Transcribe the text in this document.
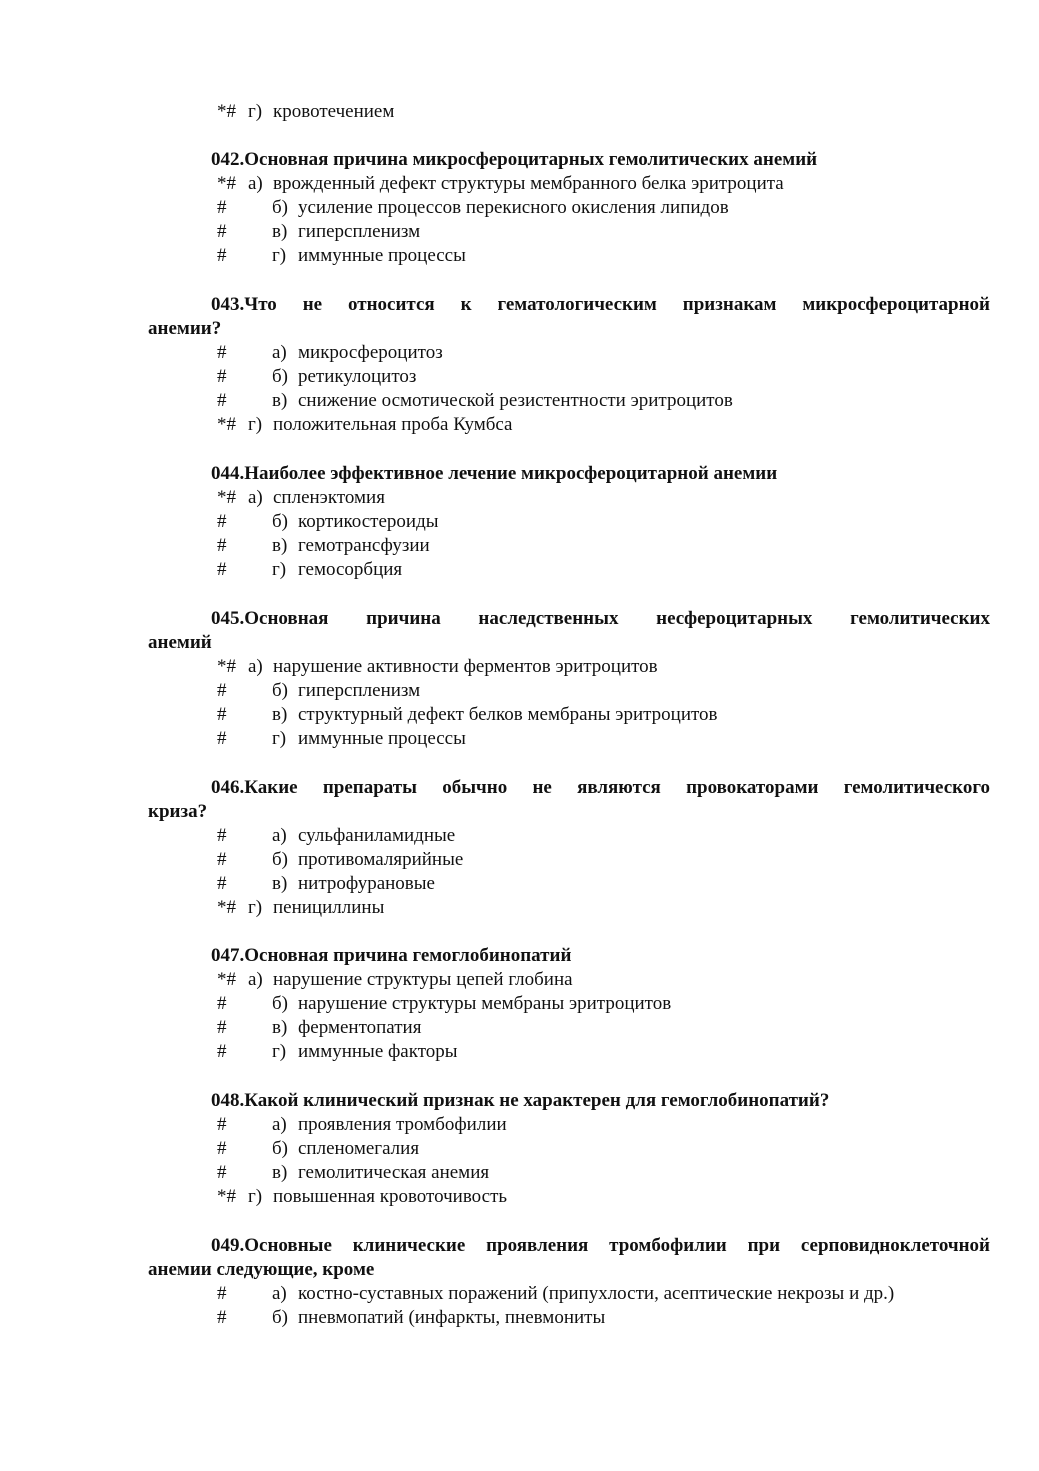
*# г) кровотечением
042.Основная причина микросфероцитарных гемолитических анемий
*# а) врожденный дефект структуры мембранного белка эритроцита
# б) усиление процессов перекисного окисления липидов
# в) гиперспленизм
# г) иммунные процессы
043.Что не относится к гематологическим признакам микросфероцитарной
анемии?
# а) микросфероцитоз
# б) ретикулоцитоз
# в) снижение осмотической резистентности эритроцитов
*# г) положительная проба Кумбса
044.Наиболее эффективное лечение микросфероцитарной анемии
*# а) спленэктомия
# б) кортикостероиды
# в) гемотрансфузии
# г) гемосорбция
045.Основная причина наследственных несфероцитарных гемолитических
анемий
*# а) нарушение активности ферментов эритроцитов
# б) гиперспленизм
# в) структурный дефект белков мембраны эритроцитов
# г) иммунные процессы
046.Какие препараты обычно не являются провокаторами гемолитического
криза?
# а) сульфаниламидные
# б) противомалярийные
# в) нитрофурановые
*# г) пенициллины
047.Основная причина гемоглобинопатий
*# а) нарушение структуры цепей глобина
# б) нарушение структуры мембраны эритроцитов
# в) ферментопатия
# г) иммунные факторы
048.Какой клинический признак не характерен для гемоглобинопатий?
# а) проявления тромбофилии
# б) спленомегалия
# в) гемолитическая анемия
*# г) повышенная кровоточивость
049.Основные клинические проявления тромбофилии при серповидноклеточной
анемии следующие, кроме
# а) костно-суставных поражений (припухлости, асептические некрозы и др.)
# б) пневмопатий (инфаркты, пневмониты
